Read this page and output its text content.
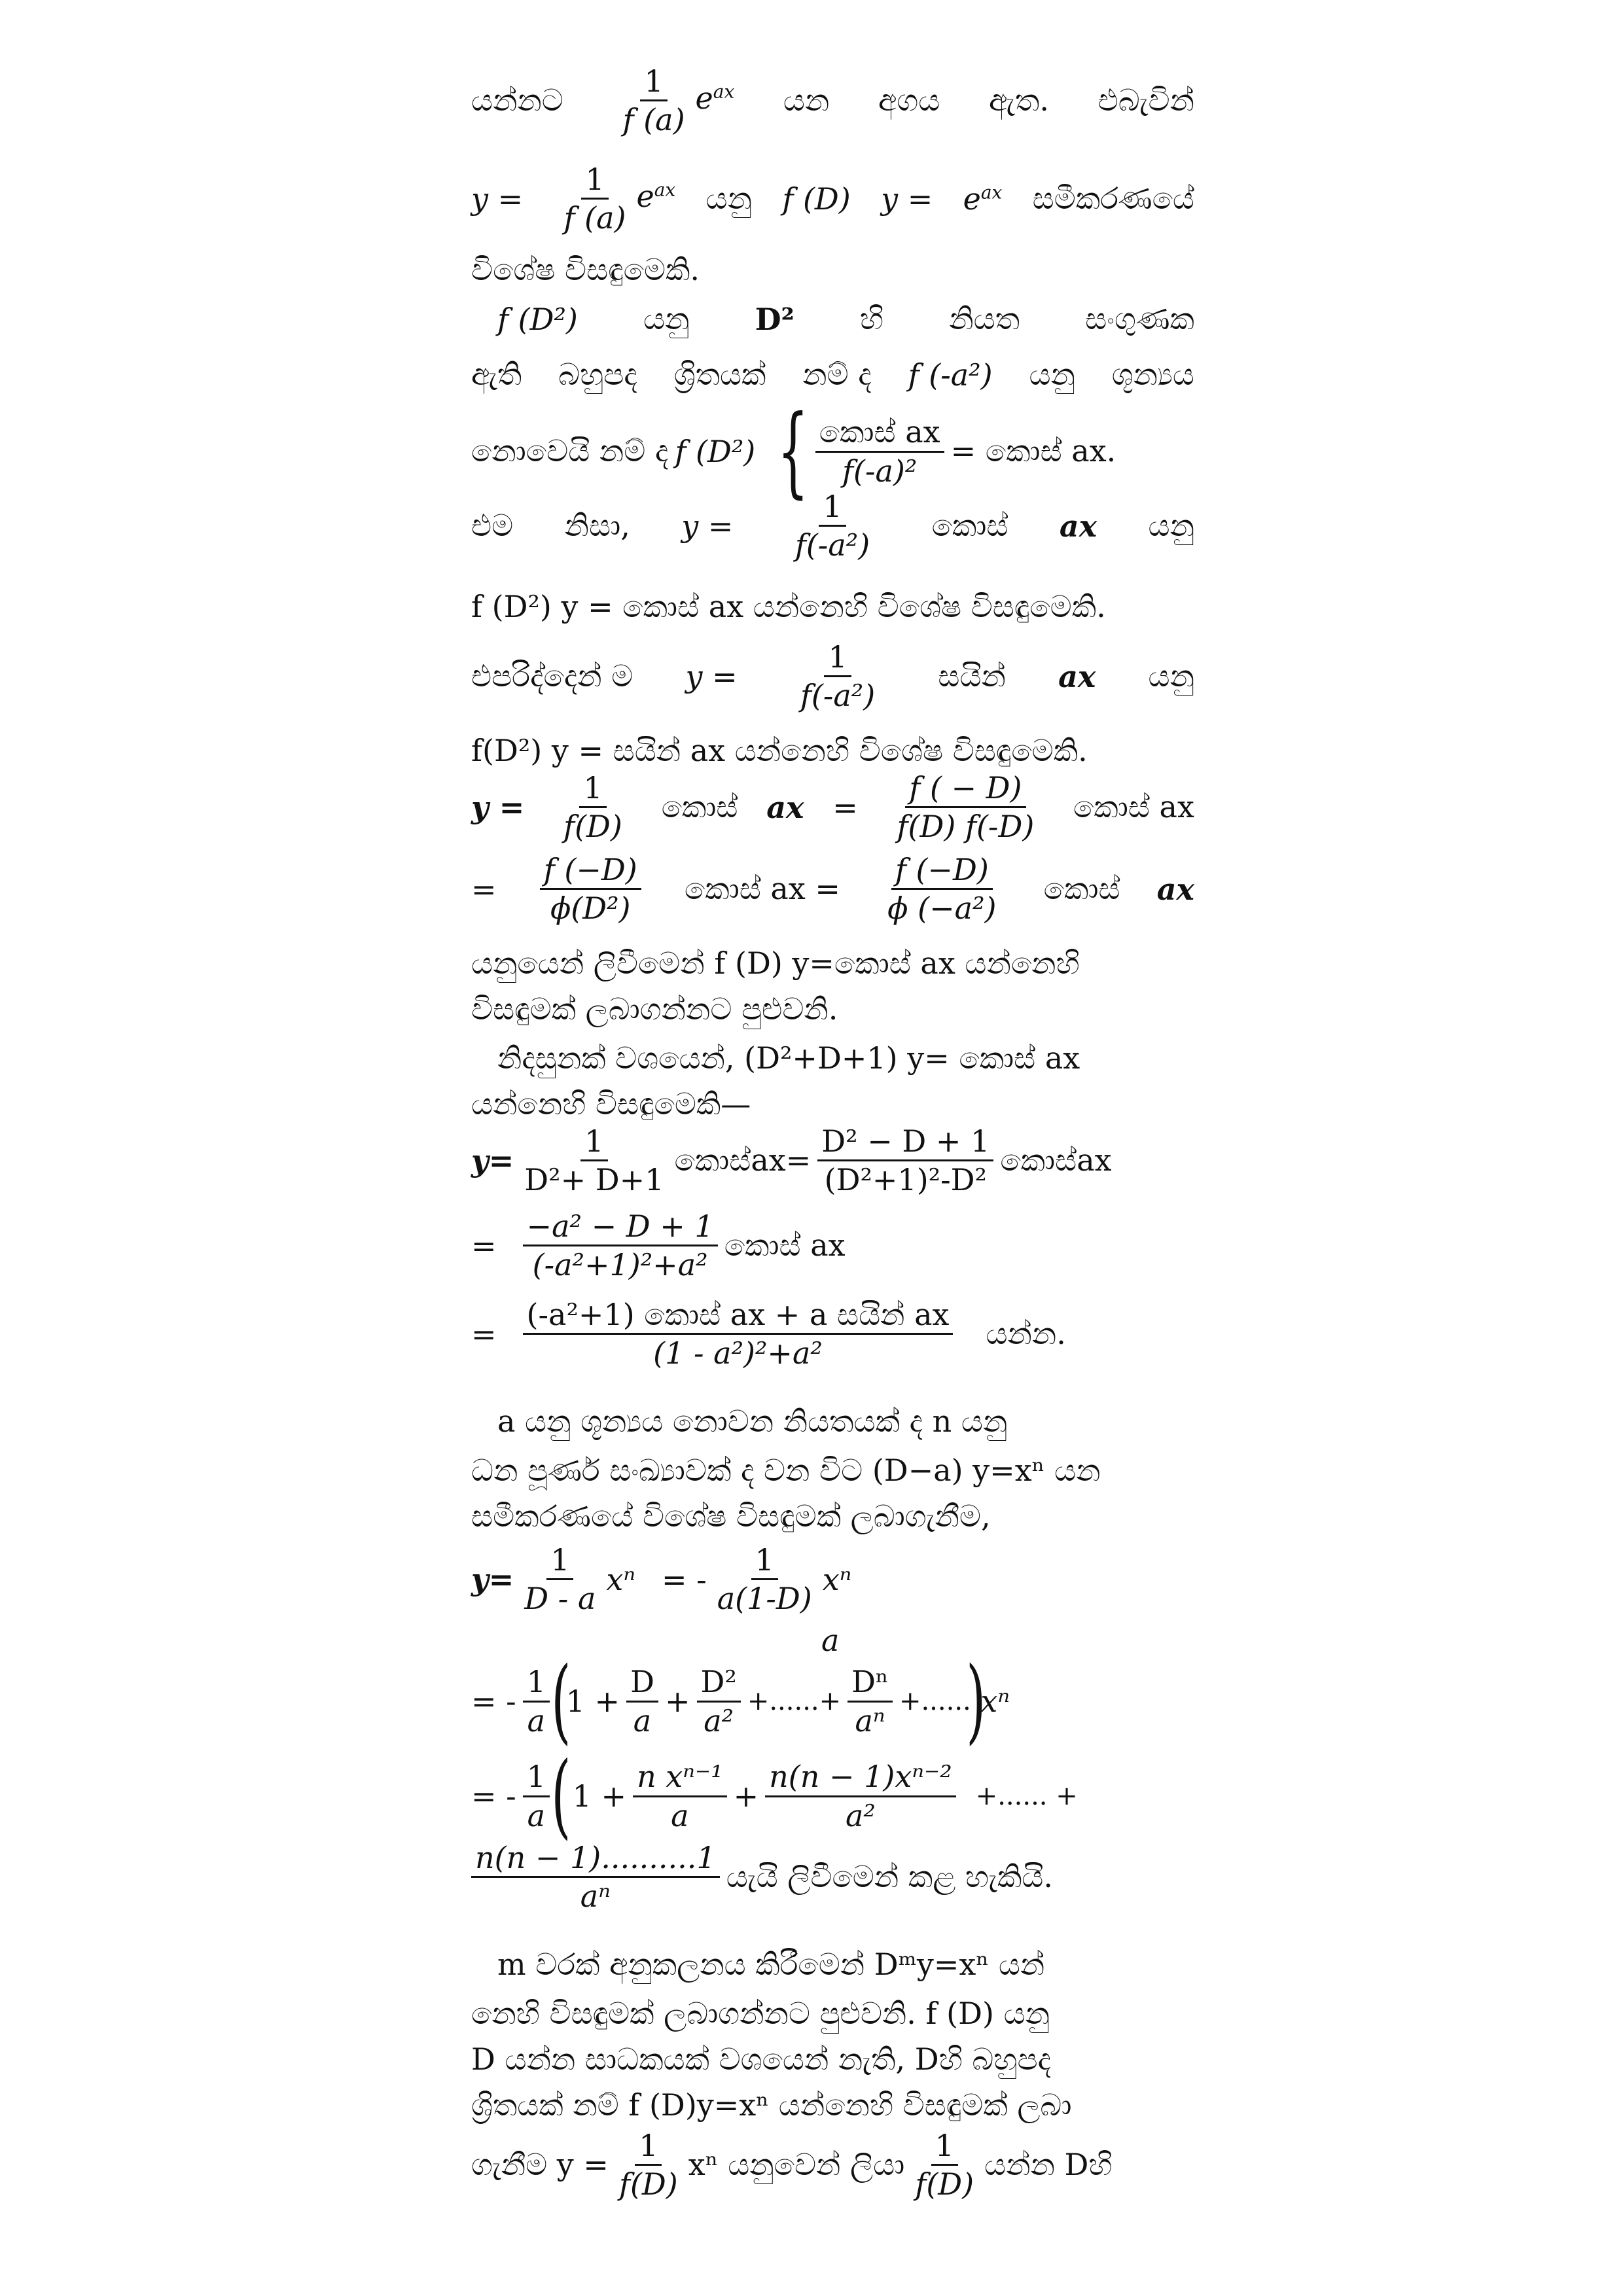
යන්නට $\frac{1}{f (a)} e^{ax}$ යන අගය ඇත. එබැවින්
$y = \frac{1}{f (a)} e^{ax}$ යනු f (D) $y = e^{ax}$ සමීකරණයේ
විශේෂ විසඳුමෙකි.
f (D²) යනු D² හි නියත සංගුණක
ඇති බහුපද ශ්‍රිතයක් නම් ද f (-a²) යනු ශූන්‍යය
නොවෙයි නම් ද f (D²) { $\frac{\text{කොස් ax}}{\text{f(-a)²}}$ = කොස් ax.
එම නිසා, $y = \frac{1}{\text{f(-a²)}}$ කොස් ax යනු
f (D²) y = කොස් ax යන්නෙහි විශේෂ විසඳුමෙකි.
එපරිද්දෙන් ම $y = \frac{1}{\text{f(-a²)}}$ සයින් ax යනු
f(D²) y = සයින් ax යන්නෙහි විශේෂ විසඳුමෙකි.
$y = \frac{1}{f(D)}$ කොස් ax = $\frac{f ( - D)}{f(D) f(-D)}$ කොස් ax
= $\frac{f (-D)}{\text{ϕ(D²)}}$ කොස් ax = $\frac{f (-D)}{\text{ϕ (−a²)}}$ කොස් ax
යනුයෙන් ලිවීමෙන් f (D) y=කොස් ax යන්නෙහි
විසඳුමක් ලබාගන්නට පුළුවනි.
නිදසුනක් වශයෙන්, (D²+D+1) y= කොස් ax
යන්නෙහි විසඳුමෙකි—
$y= \frac{1}{\text{D²+ D+1}}$ කොස්ax= $\frac{\text{D² − D + 1}}{\text{(D²+1)²-D²}}$ කොස්ax
= $\frac{\text{−a² − D + 1}}{\text{(-a²+1)²+a²}}$ කොස් ax
= $\frac{\text{(-a²+1) කොස් ax + a සයින් ax}}{\text{(1 - a²)²+a²}}$ යන්න.
a යනු ශූන්‍යය නොවන නියතයක් ද n යනු
ධන පූර්ණ සංඛ්‍යාවක් ද වන විට (D−a) y=xⁿ යන
සමීකරණයේ විශේෂ විසඳුමක් ලබාගැනීම,
$y= \frac{1}{D - a}$ xⁿ = - $\frac{1}{a(1-D)}$ xⁿ
a
= - $\frac{1}{a}$ (
$1 + \frac{D}{a} + \frac{\text{D²}}{\text{a²}}$ +......+ $\frac{\text{Dⁿ}}{\text{aⁿ}}$ +......
)
xⁿ
= - $\frac{1}{a}$ ( $1 + \frac{\text{n xⁿ⁻¹}}{a} + \frac{\text{n(n − 1)xⁿ⁻²}}{\text{a²}}$ +...... +
$\frac{n(n - 1)..........1}{\text{aⁿ}}$ යැයි ලිවීමෙන් කළ හැකියි.
m වරක් අනුකලනය කිරීමෙන් Dᵐy=xⁿ යන්
නෙහි විසඳුමක් ලබාගන්නට පුළුවනි. f (D) යනු
D යන්න සාධකයක් වශයෙන් නැති, Dහි බහුපද
ශ්‍රිතයක් නම් f (D)y=xⁿ යන්නෙහි විසඳුමක් ලබා
ගැනීම $y = \frac{1}{f(D)}$ xⁿ යනුවෙන් ලියා $\frac{1}{f(D)}$ යන්න Dහි
